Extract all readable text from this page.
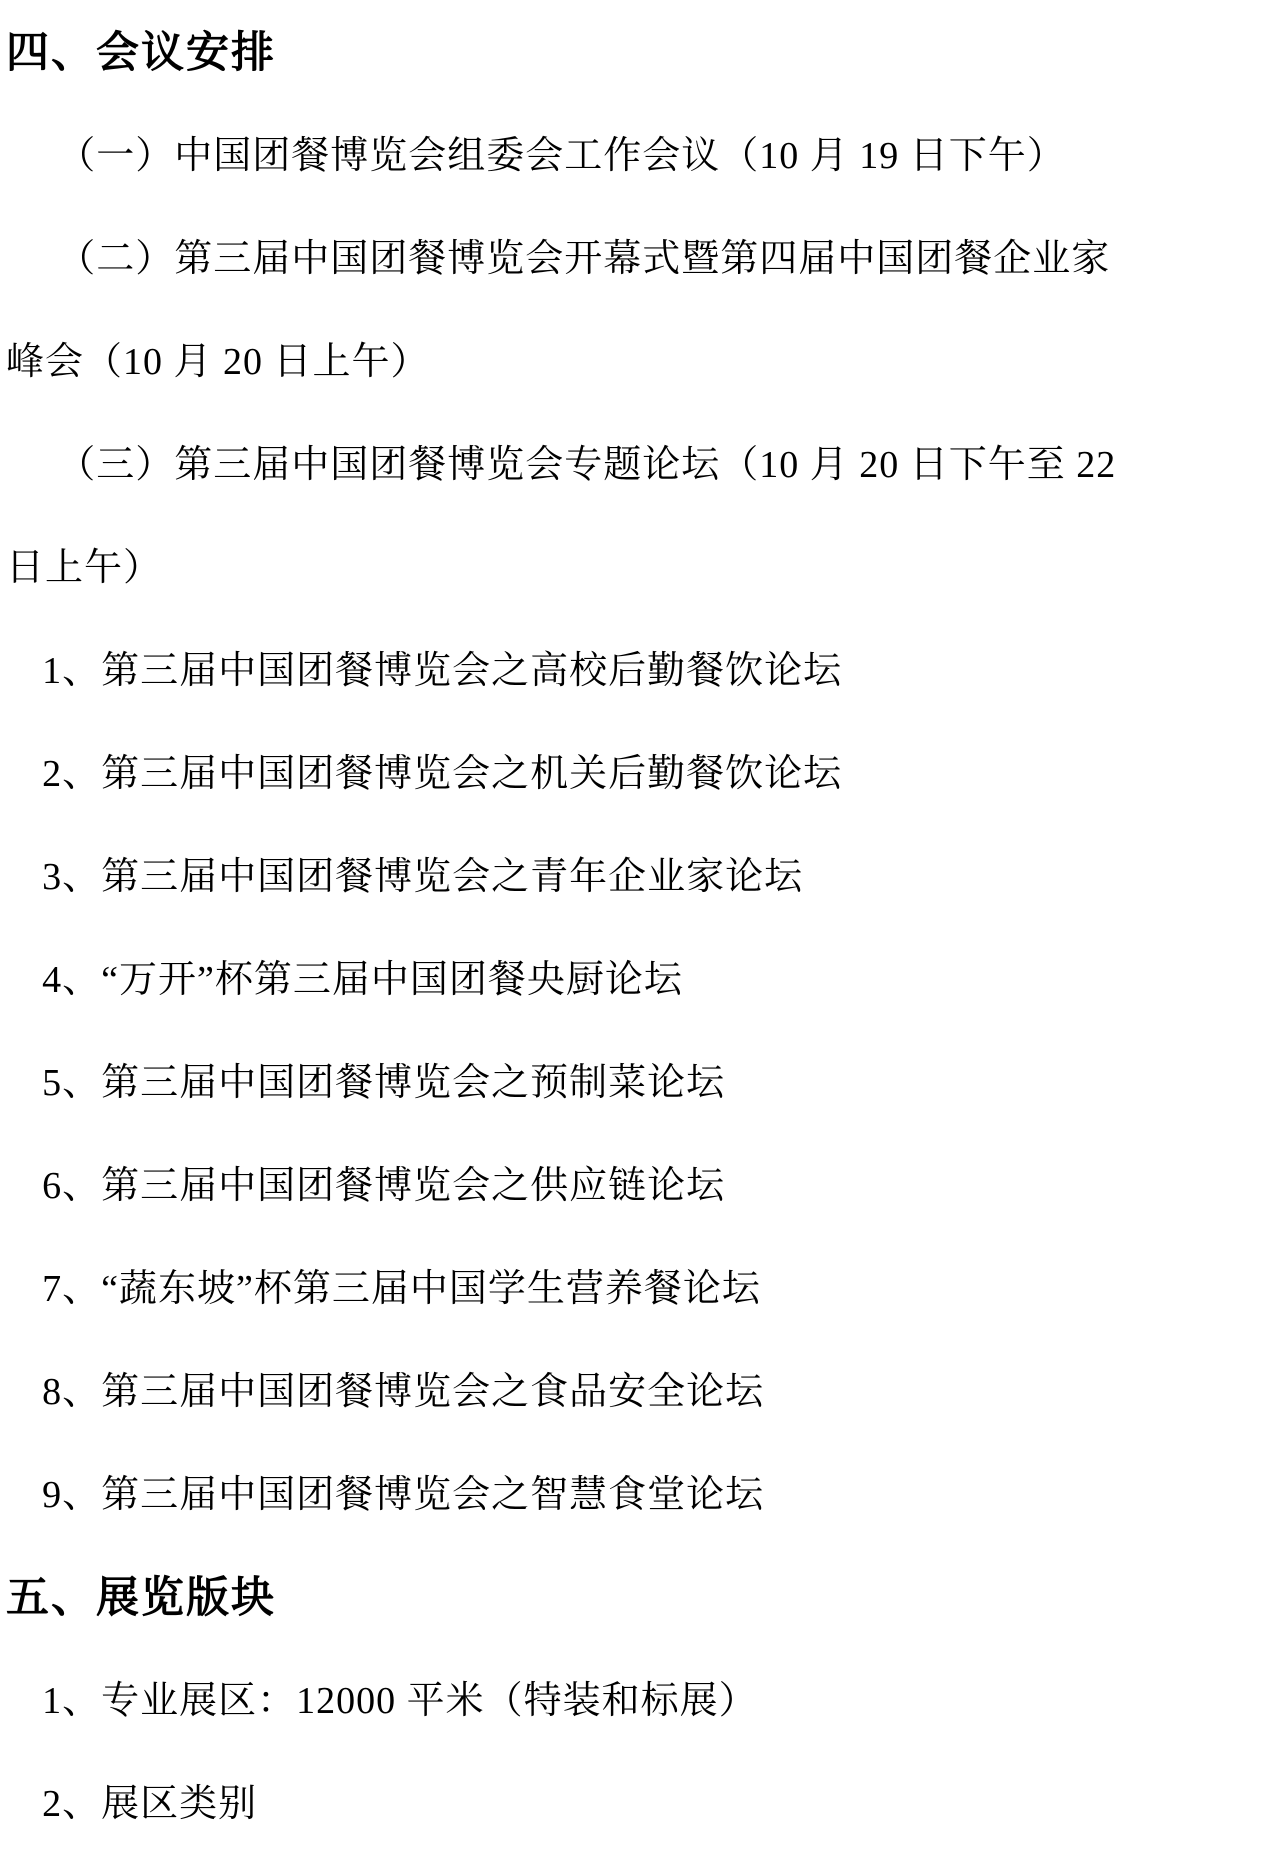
四、会议安排
（一）中国团餐博览会组委会工作会议（10 月 19 日下午）
（二）第三届中国团餐博览会开幕式暨第四届中国团餐企业家
峰会（10 月 20 日上午）
（三）第三届中国团餐博览会专题论坛（10 月 20 日下午至 22
日上午）
1、第三届中国团餐博览会之高校后勤餐饮论坛
2、第三届中国团餐博览会之机关后勤餐饮论坛
3、第三届中国团餐博览会之青年企业家论坛
4、“万开”杯第三届中国团餐央厨论坛
5、第三届中国团餐博览会之预制菜论坛
6、第三届中国团餐博览会之供应链论坛
7、“蔬东坡”杯第三届中国学生营养餐论坛
8、第三届中国团餐博览会之食品安全论坛
9、第三届中国团餐博览会之智慧食堂论坛
五、展览版块
1、专业展区：12000 平米（特装和标展）
2、展区类别
